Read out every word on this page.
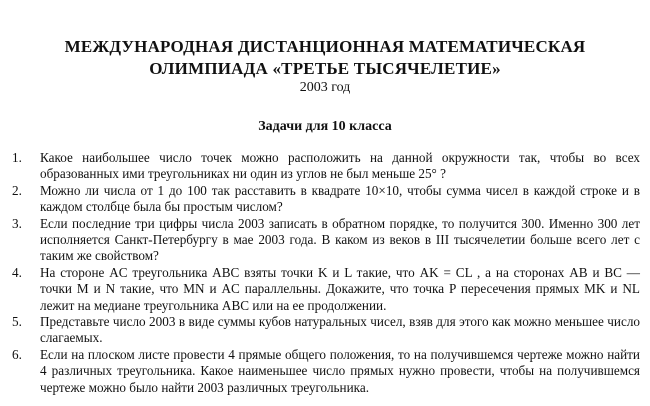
МЕЖДУНАРОДНАЯ ДИСТАНЦИОННАЯ МАТЕМАТИЧЕСКАЯ
ОЛИМПИАДА «ТРЕТЬЕ ТЫСЯЧЕЛЕТИЕ»
2003 год
Задачи для 10 класса
1. Какое наибольшее число точек можно расположить на данной окружности так, чтобы во всех образованных ими треугольниках ни один из углов не был меньше 25° ?
2. Можно ли числа от 1 до 100 так расставить в квадрате 10×10, чтобы сумма чисел в каждой строке и в каждом столбце была бы простым числом?
3. Если последние три цифры числа 2003 записать в обратном порядке, то получится 300. Именно 300 лет исполняется Санкт-Петербургу в мае 2003 года. В каком из веков в III тысячелетии больше всего лет с таким же свойством?
4. На стороне AC треугольника ABC взяты точки K и L такие, что AK = CL , а на сторонах AB и BC — точки M и N такие, что MN и AC параллельны. Докажите, что точка P пересечения прямых MK и NL лежит на медиане треугольника ABC или на ее продолжении.
5. Представьте число 2003 в виде суммы кубов натуральных чисел, взяв для этого как можно меньшее число слагаемых.
6. Если на плоском листе провести 4 прямые общего положения, то на получившемся чертеже можно найти 4 различных треугольника. Какое наименьшее число прямых нужно провести, чтобы на получившемся чертеже можно было найти 2003 различных треугольника.
